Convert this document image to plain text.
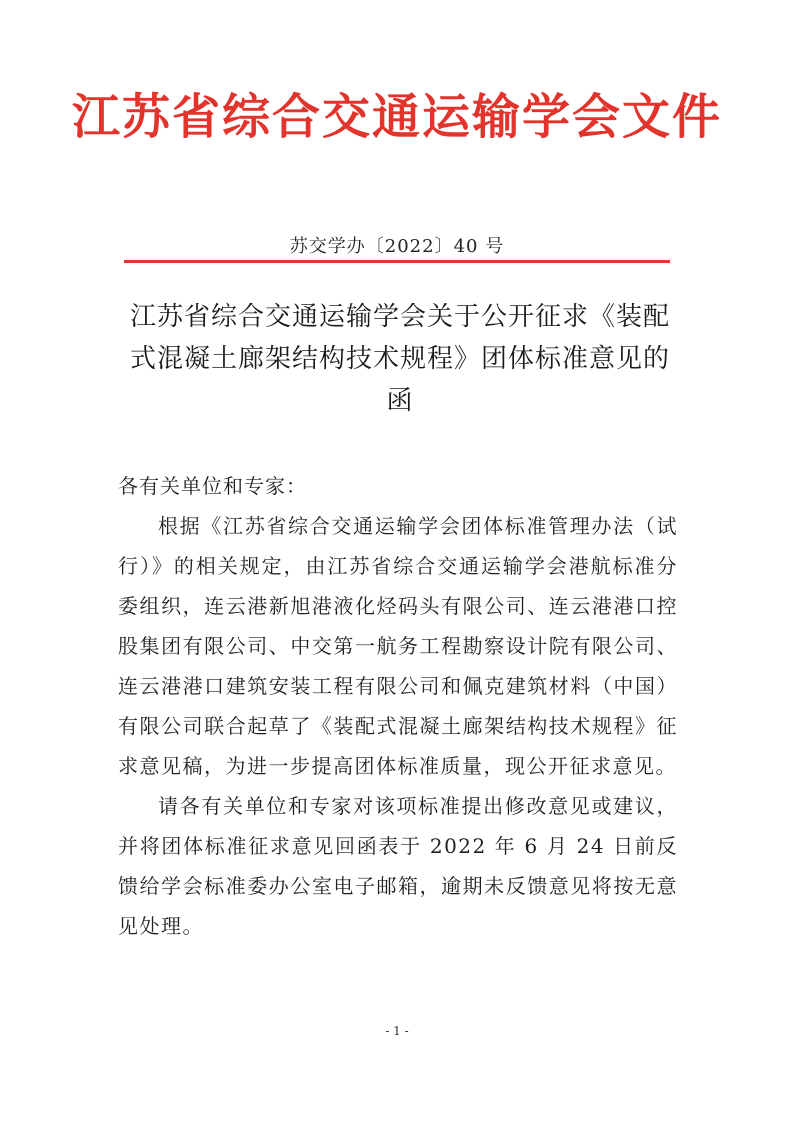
江苏省综合交通运输学会文件
苏交学办〔2022〕40 号
江苏省综合交通运输学会关于公开征求《装配式混凝土廊架结构技术规程》团体标准意见的函

各有关单位和专家：

根据《江苏省综合交通运输学会团体标准管理办法（试行）》的相关规定，由江苏省综合交通运输学会港航标准分委组织，连云港新旭港液化烃码头有限公司、连云港港口控股集团有限公司、中交第一航务工程勘察设计院有限公司、连云港港口建筑安装工程有限公司和佩克建筑材料（中国）有限公司联合起草了《装配式混凝土廊架结构技术规程》征求意见稿，为进一步提高团体标准质量，现公开征求意见。

请各有关单位和专家对该项标准提出修改意见或建议，并将团体标准征求意见回函表于 2022 年 6 月 24 日前反馈给学会标准委办公室电子邮箱，逾期未反馈意见将按无意见处理。

- 1 -
